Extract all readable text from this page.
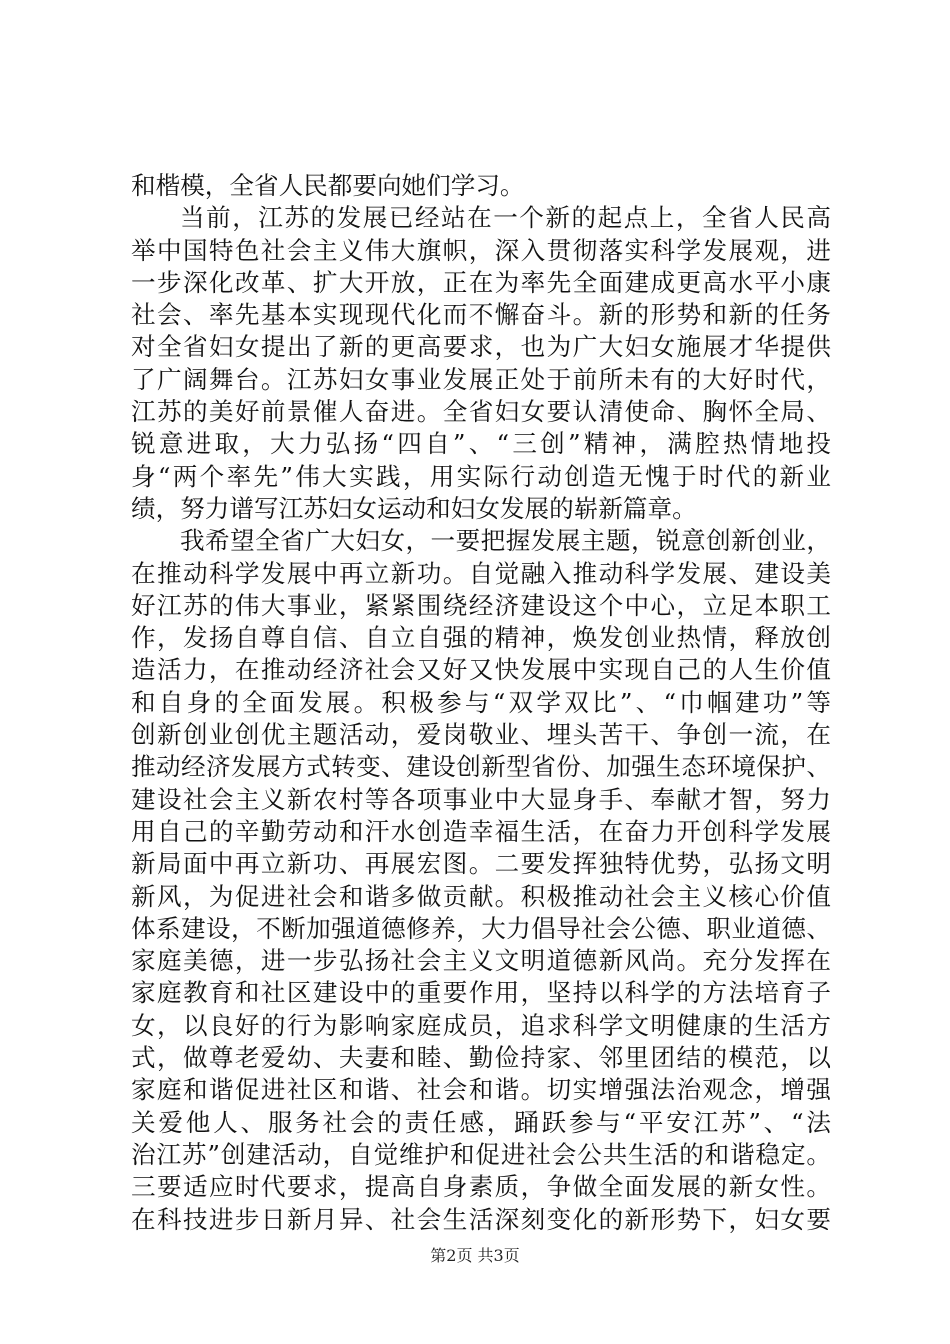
和楷模，全省人民都要向她们学习。
当前，江苏的发展已经站在一个新的起点上，全省人民高
举中国特色社会主义伟大旗帜，深入贯彻落实科学发展观，进
一步深化改革、扩大开放，正在为率先全面建成更高水平小康
社会、率先基本实现现代化而不懈奋斗。新的形势和新的任务
对全省妇女提出了新的更高要求，也为广大妇女施展才华提供
了广阔舞台。江苏妇女事业发展正处于前所未有的大好时代，
江苏的美好前景催人奋进。全省妇女要认清使命、胸怀全局、
锐意进取，大力弘扬“四自”、“三创”精神，满腔热情地投
身“两个率先”伟大实践，用实际行动创造无愧于时代的新业
绩，努力谱写江苏妇女运动和妇女发展的崭新篇章。
我希望全省广大妇女，一要把握发展主题，锐意创新创业，
在推动科学发展中再立新功。自觉融入推动科学发展、建设美
好江苏的伟大事业，紧紧围绕经济建设这个中心，立足本职工
作，发扬自尊自信、自立自强的精神，焕发创业热情，释放创
造活力，在推动经济社会又好又快发展中实现自己的人生价值
和自身的全面发展。积极参与“双学双比”、“巾帼建功”等
创新创业创优主题活动，爱岗敬业、埋头苦干、争创一流，在
推动经济发展方式转变、建设创新型省份、加强生态环境保护、
建设社会主义新农村等各项事业中大显身手、奉献才智，努力
用自己的辛勤劳动和汗水创造幸福生活，在奋力开创科学发展
新局面中再立新功、再展宏图。二要发挥独特优势，弘扬文明
新风，为促进社会和谐多做贡献。积极推动社会主义核心价值
体系建设，不断加强道德修养，大力倡导社会公德、职业道德、
家庭美德，进一步弘扬社会主义文明道德新风尚。充分发挥在
家庭教育和社区建设中的重要作用，坚持以科学的方法培育子
女，以良好的行为影响家庭成员，追求科学文明健康的生活方
式，做尊老爱幼、夫妻和睦、勤俭持家、邻里团结的模范，以
家庭和谐促进社区和谐、社会和谐。切实增强法治观念，增强
关爱他人、服务社会的责任感，踊跃参与“平安江苏”、“法
治江苏”创建活动，自觉维护和促进社会公共生活的和谐稳定。
三要适应时代要求，提高自身素质，争做全面发展的新女性。
在科技进步日新月异、社会生活深刻变化的新形势下，妇女要
第2页 共3页
